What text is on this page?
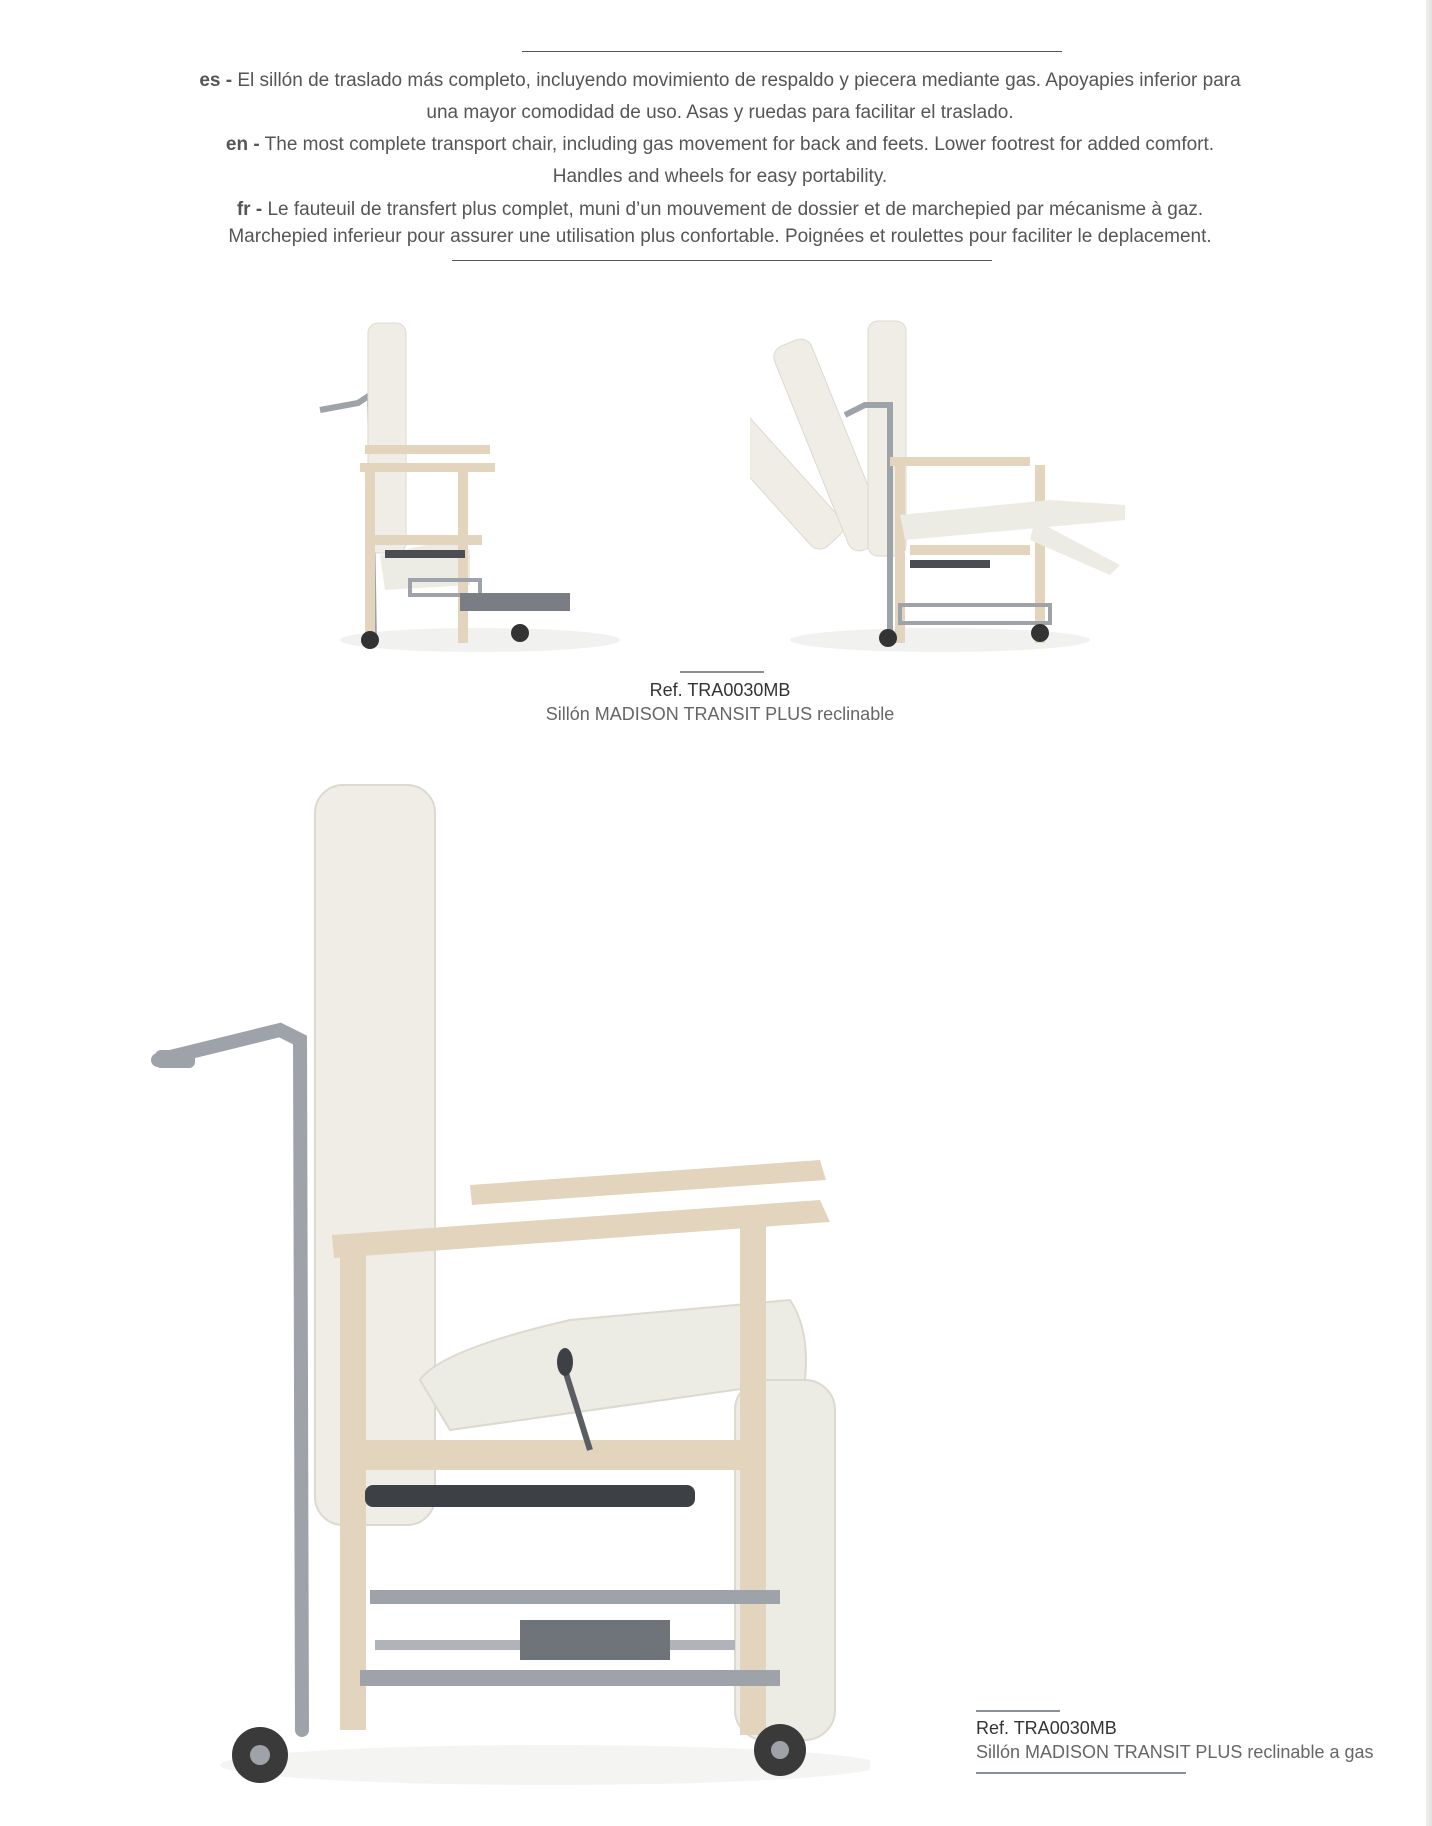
es - El sillón de traslado más completo, incluyendo movimiento de respaldo y piecera mediante gas. Apoyapies inferior para una mayor comodidad de uso. Asas y ruedas para facilitar el traslado.

en - The most complete transport chair, including gas movement for back and feets. Lower footrest for added comfort. Handles and wheels for easy portability.

fr - Le fauteuil de transfert plus complet, muni d’un mouvement de dossier et de marchepied par mécanisme à gaz. Marchepied inferieur pour assurer une utilisation plus confortable. Poignées et roulettes pour faciliter le deplacement.

Ref. TRA0030MB
Sillón MADISON TRANSIT PLUS reclinable
Ref. TRA0030MB
Sillón MADISON TRANSIT PLUS reclinable a gas
